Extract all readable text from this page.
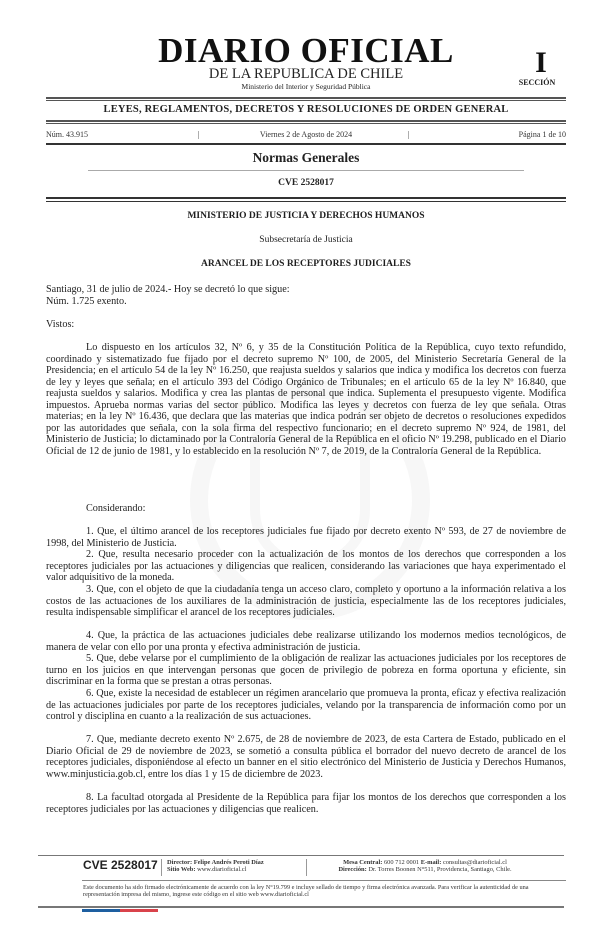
DIARIO OFICIAL
DE LA REPUBLICA DE CHILE
Ministerio del Interior y Seguridad Pública
I
SECCIÓN
LEYES, REGLAMENTOS, DECRETOS Y RESOLUCIONES DE ORDEN GENERAL
Núm. 43.915	|	Viernes 2 de Agosto de 2024	|	Página 1 de 10
Normas Generales
CVE 2528017
MINISTERIO DE JUSTICIA Y DERECHOS HUMANOS
Subsecretaría de Justicia
ARANCEL DE LOS RECEPTORES JUDICIALES
Santiago, 31 de julio de 2024.- Hoy se decretó lo que sigue:
Núm. 1.725 exento.
Vistos:
Lo dispuesto en los artículos 32, Nº 6, y 35 de la Constitución Política de la República, cuyo texto refundido, coordinado y sistematizado fue fijado por el decreto supremo Nº 100, de 2005, del Ministerio Secretaría General de la Presidencia; en el artículo 54 de la ley Nº 16.250, que reajusta sueldos y salarios que indica y modifica los decretos con fuerza de ley y leyes que señala; en el artículo 393 del Código Orgánico de Tribunales; en el artículo 65 de la ley Nº 16.840, que reajusta sueldos y salarios. Modifica y crea las plantas de personal que indica. Suplementa el presupuesto vigente. Modifica impuestos. Aprueba normas varias del sector público. Modifica las leyes y decretos con fuerza de ley que señala. Otras materias; en la ley Nº 16.436, que declara que las materias que indica podrán ser objeto de decretos o resoluciones expedidos por las autoridades que señala, con la sola firma del respectivo funcionario; en el decreto supremo Nº 924, de 1981, del Ministerio de Justicia; lo dictaminado por la Contraloría General de la República en el oficio Nº 19.298, publicado en el Diario Oficial de 12 de junio de 1981, y lo establecido en la resolución Nº 7, de 2019, de la Contraloría General de la República.
Considerando:
1. Que, el último arancel de los receptores judiciales fue fijado por decreto exento Nº 593, de 27 de noviembre de 1998, del Ministerio de Justicia.
2. Que, resulta necesario proceder con la actualización de los montos de los derechos que corresponden a los receptores judiciales por las actuaciones y diligencias que realicen, considerando las variaciones que haya experimentado el valor adquisitivo de la moneda.
3. Que, con el objeto de que la ciudadanía tenga un acceso claro, completo y oportuno a la información relativa a los costos de las actuaciones de los auxiliares de la administración de justicia, especialmente las de los receptores judiciales, resulta indispensable simplificar el arancel de los receptores judiciales.
4. Que, la práctica de las actuaciones judiciales debe realizarse utilizando los modernos medios tecnológicos, de manera de velar con ello por una pronta y efectiva administración de justicia.
5. Que, debe velarse por el cumplimiento de la obligación de realizar las actuaciones judiciales por los receptores de turno en los juicios en que intervengan personas que gocen de privilegio de pobreza en forma oportuna y eficiente, sin discriminar en la forma que se prestan a otras personas.
6. Que, existe la necesidad de establecer un régimen arancelario que promueva la pronta, eficaz y efectiva realización de las actuaciones judiciales por parte de los receptores judiciales, velando por la transparencia de información como por un control y disciplina en cuanto a la realización de sus actuaciones.
7. Que, mediante decreto exento Nº 2.675, de 28 de noviembre de 2023, de esta Cartera de Estado, publicado en el Diario Oficial de 29 de noviembre de 2023, se sometió a consulta pública el borrador del nuevo decreto de arancel de los receptores judiciales, disponiéndose al efecto un banner en el sitio electrónico del Ministerio de Justicia y Derechos Humanos, www.minjusticia.gob.cl, entre los días 1 y 15 de diciembre de 2023.
8. La facultad otorgada al Presidente de la República para fijar los montos de los derechos que corresponden a los receptores judiciales por las actuaciones y diligencias que realicen.
CVE 2528017 Director: Felipe Andrés Peroti Díaz
Sitio Web: www.diarioficial.cl
Mesa Central: 600 712 0001 E-mail: consultas@diarioficial.cl
Dirección: Dr. Torres Boonen N°511, Providencia, Santiago, Chile.
Este documento ha sido firmado electrónicamente de acuerdo con la ley N°19.799 e incluye sellado de tiempo y firma electrónica avanzada. Para verificar la autenticidad de una representación impresa del mismo, ingrese este código en el sitio web www.diarioficial.cl
